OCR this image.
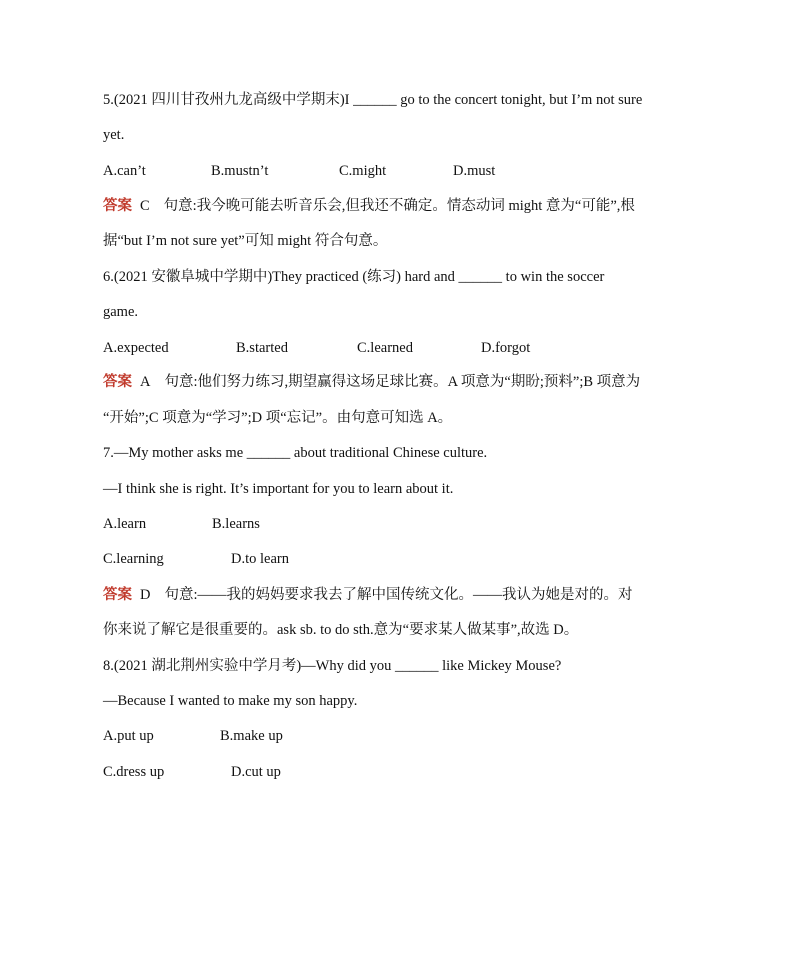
5.(2021 四川甘孜州九龙高级中学期末)I ______ go to the concert tonight, but I’m not sure
yet.
A.can’t	B.mustn’t	C.might	D.must
答案 C 句意:我今晚可能去听音乐会,但我还不确定。情态动词 might 意为“可能”,根
据“but I’m not sure yet”可知 might 符合句意。
6.(2021 安徽阜城中学期中)They practiced (练习) hard and ______ to win the soccer
game.
A.expected	B.started	C.learned	D.forgot
答案 A 句意:他们努力练习,期望赢得这场足球比赛。A 项意为“期盼;预料”;B 项意为
“开始”;C 项意为“学习”;D 项“忘记”。由句意可知选 A。
7.—My mother asks me ______ about traditional Chinese culture.
—I think she is right. It’s important for you to learn about it.
A.learn	B.learns
C.learning	D.to learn
答案 D 句意:——我的妈妈要求我去了解中国传统文化。——我认为她是对的。对
你来说了解它是很重要的。ask sb. to do sth.意为“要求某人做某事”,故选 D。
8.(2021 湖北荆州实验中学月考)—Why did you ______ like Mickey Mouse?
—Because I wanted to make my son happy.
A.put up	B.make up
C.dress up	D.cut up
